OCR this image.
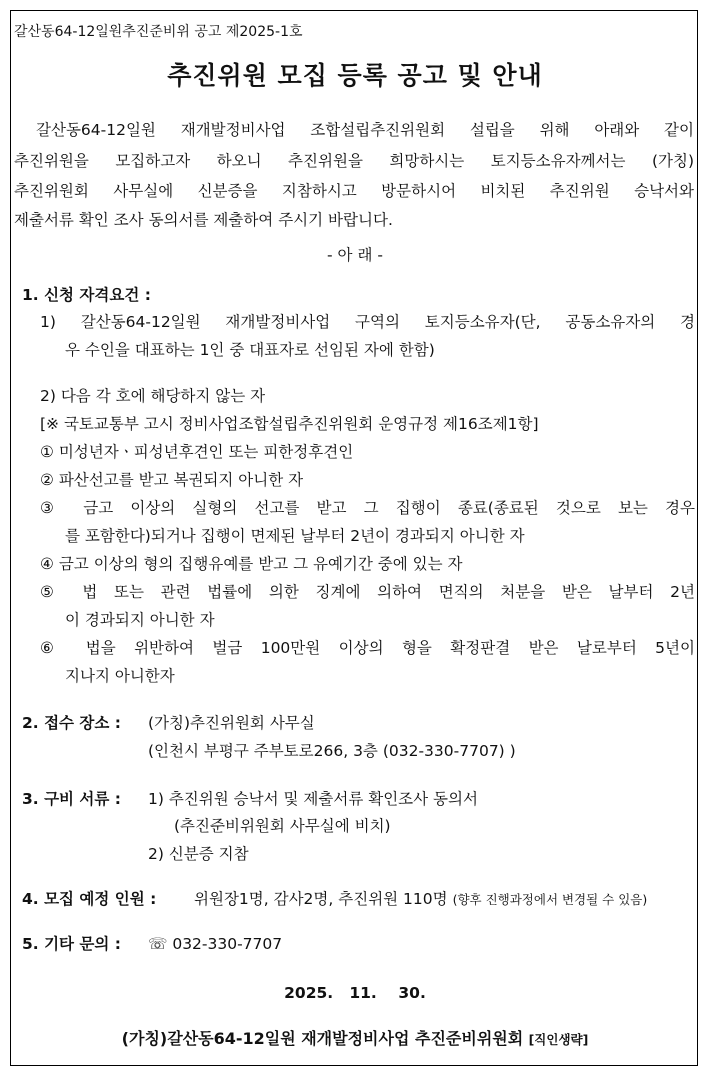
갈산동64-12일원추진준비위 공고 제2025-1호
추진위원 모집 등록 공고 및 안내
갈산동64-12일원 재개발정비사업 조합설립추진위원회 설립을 위해 아래와 같이
추진위원을 모집하고자 하오니 추진위원을 희망하시는 토지등소유자께서는 (가칭)
추진위원회 사무실에 신분증을 지참하시고 방문하시어 비치된 추진위원 승낙서와
제출서류 확인 조사 동의서를 제출하여 주시기 바랍니다.
- 아 래 -
1. 신청 자격요건 :
1) 갈산동64-12일원 재개발정비사업 구역의 토지등소유자(단, 공동소유자의 경
우 수인을 대표하는 1인 중 대표자로 선임된 자에 한함)
2) 다음 각 호에 해당하지 않는 자
[※ 국토교통부 고시 정비사업조합설립추진위원회 운영규정 제16조제1항]
① 미성년자ㆍ피성년후견인 또는 피한정후견인
② 파산선고를 받고 복권되지 아니한 자
③ 금고 이상의 실형의 선고를 받고 그 집행이 종료(종료된 것으로 보는 경우
를 포함한다)되거나 집행이 면제된 날부터 2년이 경과되지 아니한 자
④ 금고 이상의 형의 집행유예를 받고 그 유예기간 중에 있는 자
⑤ 법 또는 관련 법률에 의한 징계에 의하여 면직의 처분을 받은 날부터 2년
이 경과되지 아니한 자
⑥ 법을 위반하여 벌금 100만원 이상의 형을 확정판결 받은 날로부터 5년이
지나지 아니한자
2. 접수 장소 : (가칭)추진위원회 사무실
(인천시 부평구 주부토로266, 3층 (032-330-7707) )
3. 구비 서류 : 1) 추진위원 승낙서 및 제출서류 확인조사 동의서
(추진준비위원회 사무실에 비치)
2) 신분증 지참
4. 모집 예정 인원 : 위원장1명, 감사2명, 추진위원 110명 (향후 진행과정에서 변경될 수 있음)
5. 기타 문의 : ☏ 032-330-7707
2025.   11.    30.
(가칭)갈산동64-12일원 재개발정비사업 추진준비위원회 [직인생략]
